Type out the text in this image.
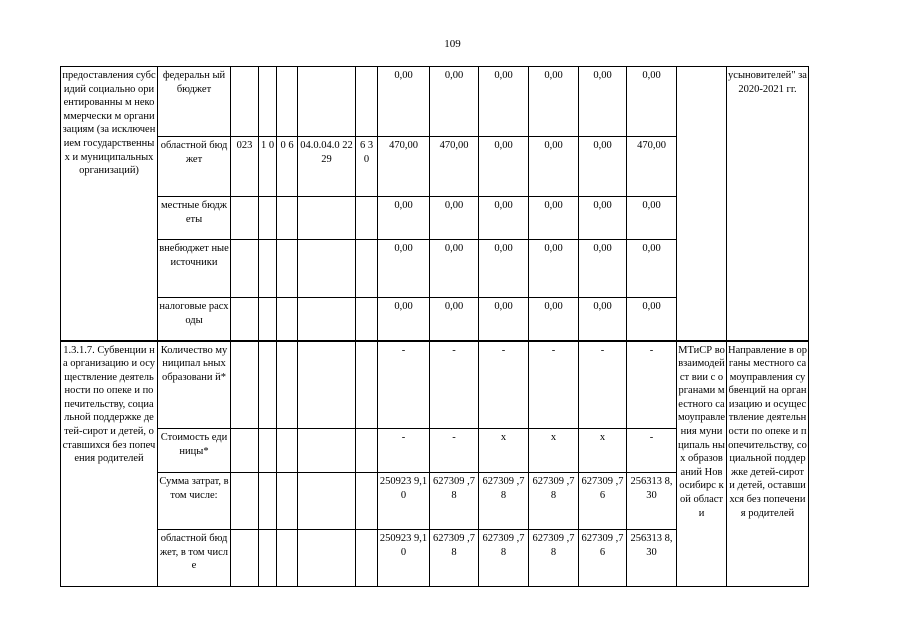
109
предоставления субсидий социально ориентированны м некоммерчески м организациям (за исключением государственны х и муниципальных организаций)	федеральн ый бюджет						0,00	0,00	0,00	0,00	0,00	0,00		усыновителей" за 2020-2021 гг.
	областной бюджет	023	1 0	0 6	04.0.04.0 2229	6 3 0	470,00	470,00	0,00	0,00	0,00	470,00		
	местные бюджеты						0,00	0,00	0,00	0,00	0,00	0,00		
	внебюджет ные источники						0,00	0,00	0,00	0,00	0,00	0,00		
	налоговые расходы						0,00	0,00	0,00	0,00	0,00	0,00		
1.3.1.7. Субвенции на организацию и осуществление деятельности по опеке и попечительству, социальной поддержке детей-сирот и детей, оставшихся без попечения родителей	Количество муниципал ьных образовани й*						-	-	-	-	-	-	МТиСР во взаимодейст вии с органами местного самоуправле ния муниципаль ных образований Новосибирс кой области	Направление в органы местного самоуправления субвенций на организацию и осуществление деятельности по опеке и попечительству, социальной поддержке детей-сирот и детей, оставшихся без попечения родителей
	Стоимость единицы*						-	-	x	x	x	-		
	Сумма затрат, в том числе:						250923 9,10	627309 ,78	627309 ,78	627309 ,78	627309 ,76	256313 8,30		
	областной бюджет, в том числе						250923 9,10	627309 ,78	627309 ,78	627309 ,78	627309 ,76	256313 8,30		
